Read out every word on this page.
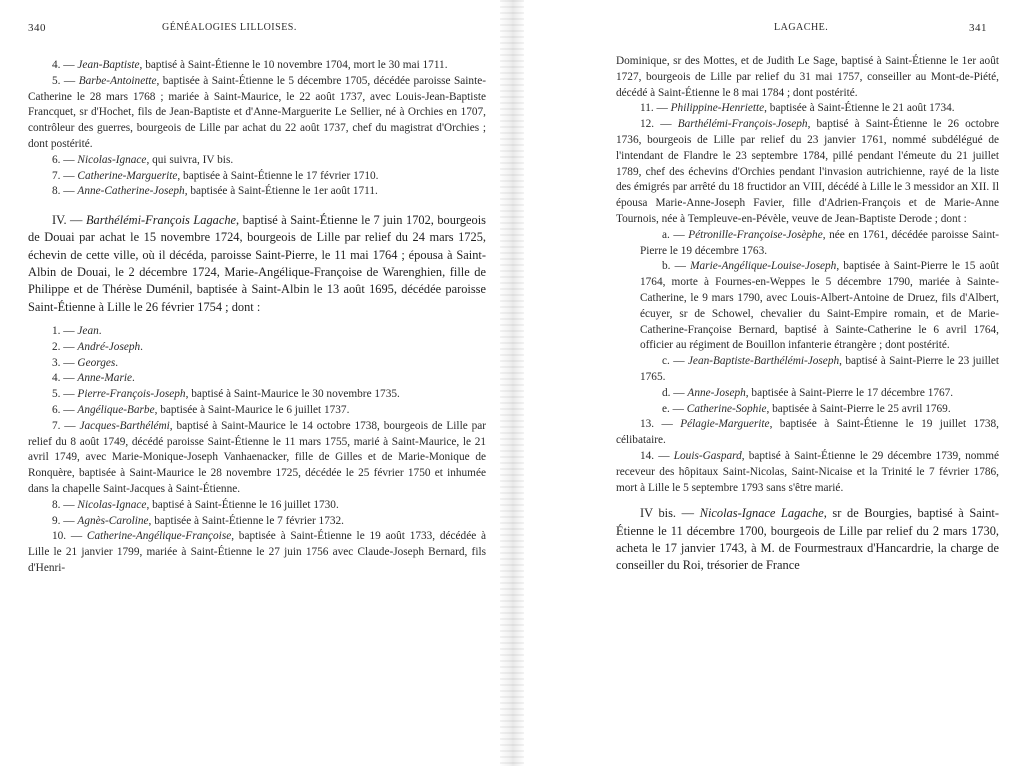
340	GÉNÉALOGIES LILLOISES.

4. — Jean-Baptiste, baptisé à Saint-Étienne le 10 novembre 1704, mort le 30 mai 1711.

5. — Barbe-Antoinette, baptisée à Saint-Étienne le 5 décembre 1705, décédée paroisse Sainte-Catherine le 28 mars 1768 ; mariée à Saint-Maurice, le 22 août 1737, avec Louis-Jean-Baptiste Francquet, sr d'Hochet, fils de Jean-Baptiste et d'Anne-Marguerite Le Sellier, né à Orchies en 1707, contrôleur des guerres, bourgeois de Lille par achat du 22 août 1737, chef du magistrat d'Orchies ; dont postérité.

6. — Nicolas-Ignace, qui suivra, IV bis.

7. — Catherine-Marguerite, baptisée à Saint-Étienne le 17 février 1710.

8. — Anne-Catherine-Joseph, baptisée à Saint-Étienne le 1er août 1711.

IV. — Barthélémi-François Lagache, baptisé à Saint-Étienne le 7 juin 1702, bourgeois de Douai par achat le 15 novembre 1724, bourgeois de Lille par relief du 24 mars 1725, échevin de cette ville, où il décéda, paroisse Saint-Pierre, le 11 mai 1764 ; épousa à Saint-Albin de Douai, le 2 décembre 1724, Marie-Angélique-Françoise de Warenghien, fille de Philippe et de Thérèse Duménil, baptisée à Saint-Albin le 13 août 1695, décédée paroisse Saint-Étienne à Lille le 26 février 1754 ; dont :

1. — Jean.

2. — André-Joseph.

3. — Georges.

4. — Anne-Marie.

5. — Pierre-François-Joseph, baptisé à Saint-Maurice le 30 novembre 1735.

6. — Angélique-Barbe, baptisée à Saint-Maurice le 6 juillet 1737.

7. — Jacques-Barthélémi, baptisé à Saint-Maurice le 14 octobre 1738, bourgeois de Lille par relief du 8 août 1749, décédé paroisse Saint-Étienne le 11 mars 1755, marié à Saint-Maurice, le 21 avril 1749, avec Marie-Monique-Joseph Vanhaenacker, fille de Gilles et de Marie-Monique de Ronquère, baptisée à Saint-Maurice le 28 novembre 1725, décédée le 25 février 1750 et inhumée dans la chapelle Saint-Jacques à Saint-Étienne.

8. — Nicolas-Ignace, baptisé à Saint-Étienne le 16 juillet 1730.

9. — Agnès-Caroline, baptisée à Saint-Étienne le 7 février 1732.

10. — Catherine-Angélique-Françoise, baptisée à Saint-Étienne le 19 août 1733, décédée à Lille le 21 janvier 1799, mariée à Saint-Étienne le 27 juin 1756 avec Claude-Joseph Bernard, fils d'Henri-

LAGACHE.	341

Dominique, sr des Mottes, et de Judith Le Sage, baptisé à Saint-Étienne le 1er août 1727, bourgeois de Lille par relief du 31 mai 1757, conseiller au Mont-de-Piété, décédé à Saint-Étienne le 8 mai 1784 ; dont postérité.

11. — Philippine-Henriette, baptisée à Saint-Étienne le 21 août 1734.

12. — Barthélémi-François-Joseph, baptisé à Saint-Étienne le 26 octobre 1736, bourgeois de Lille par relief du 23 janvier 1761, nommé subdélégué de l'intendant de Flandre le 23 septembre 1784, pillé pendant l'émeute du 21 juillet 1789, chef des échevins d'Orchies pendant l'invasion autrichienne, rayé de la liste des émigrés par arrêté du 18 fructidor an VIII, décédé à Lille le 3 messidor an XII. Il épousa Marie-Anne-Joseph Favier, fille d'Adrien-François et de Marie-Anne Tournois, née à Templeuve-en-Pévèle, veuve de Jean-Baptiste Derode ; dont :

a. — Pétronille-Françoise-Josèphe, née en 1761, décédée paroisse Saint-Pierre le 19 décembre 1763.

b. — Marie-Angélique-Louise-Joseph, baptisée à Saint-Pierre le 15 août 1764, morte à Fournes-en-Weppes le 5 décembre 1790, mariée à Sainte-Catherine, le 9 mars 1790, avec Louis-Albert-Antoine de Druez, fils d'Albert, écuyer, sr de Schowel, chevalier du Saint-Empire romain, et de Marie-Catherine-Françoise Bernard, baptisé à Sainte-Catherine le 6 avril 1764, officier au régiment de Bouillon infanterie étrangère ; dont postérité.

c. — Jean-Baptiste-Barthélémi-Joseph, baptisé à Saint-Pierre le 23 juillet 1765.

d. — Anne-Joseph, baptisée à Saint-Pierre le 17 décembre 1767.

e. — Catherine-Sophie, baptisée à Saint-Pierre le 25 avril 1769.

13. — Pélagie-Marguerite, baptisée à Saint-Étienne le 19 juillet 1738, célibataire.

14. — Louis-Gaspard, baptisé à Saint-Étienne le 29 décembre 1739, nommé receveur des hôpitaux Saint-Nicolas, Saint-Nicaise et la Trinité le 7 février 1786, mort à Lille le 5 septembre 1793 sans s'être marié.

IV bis. — Nicolas-Ignace Lagache, sr de Bourgies, baptisé à Saint-Étienne le 11 décembre 1700, bourgeois de Lille par relief du 2 mars 1730, acheta le 17 janvier 1743, à M. de Fourmestraux d'Hancardrie, la charge de conseiller du Roi, trésorier de France
